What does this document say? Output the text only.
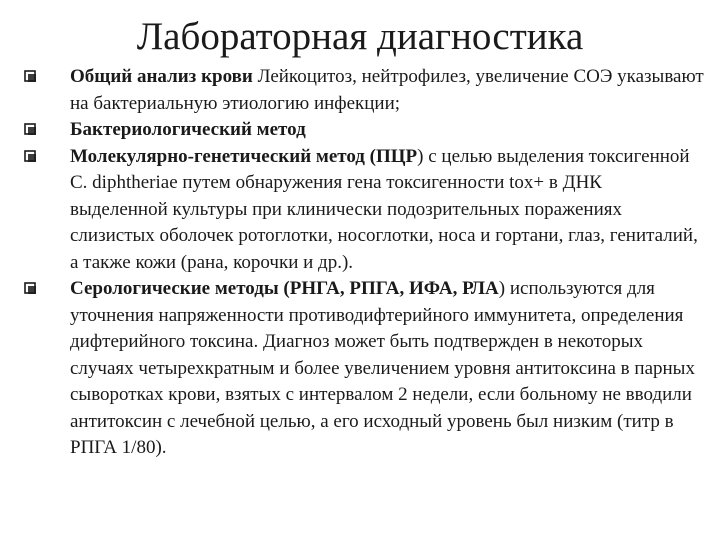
Лабораторная диагностика
Общий анализ крови Лейкоцитоз, нейтрофилез, увеличение СОЭ указывают на бактериальную этиологию инфекции;
Бактериологический метод
Молекулярно-генетический метод (ПЦР) с целью выделения токсигенной C. diphtheriae путем обнаружения гена токсигенности tox+ в ДНК выделенной культуры при клинически подозрительных поражениях слизистых оболочек ротоглотки, носоглотки, носа и гортани, глаз, гениталий, а также кожи (рана, корочки и др.).
Серологические методы (РНГА, РПГА, ИФА, РЛА) используются для уточнения напряженности противодифтерийного иммунитета, определения дифтерийного токсина. Диагноз может быть подтвержден в некоторых случаях четырехкратным и более увеличением уровня антитоксина в парных сыворотках крови, взятых с интервалом 2 недели, если больному не вводили антитоксин с лечебной целью, а его исходный уровень был низким (титр в РПГА 1/80).
